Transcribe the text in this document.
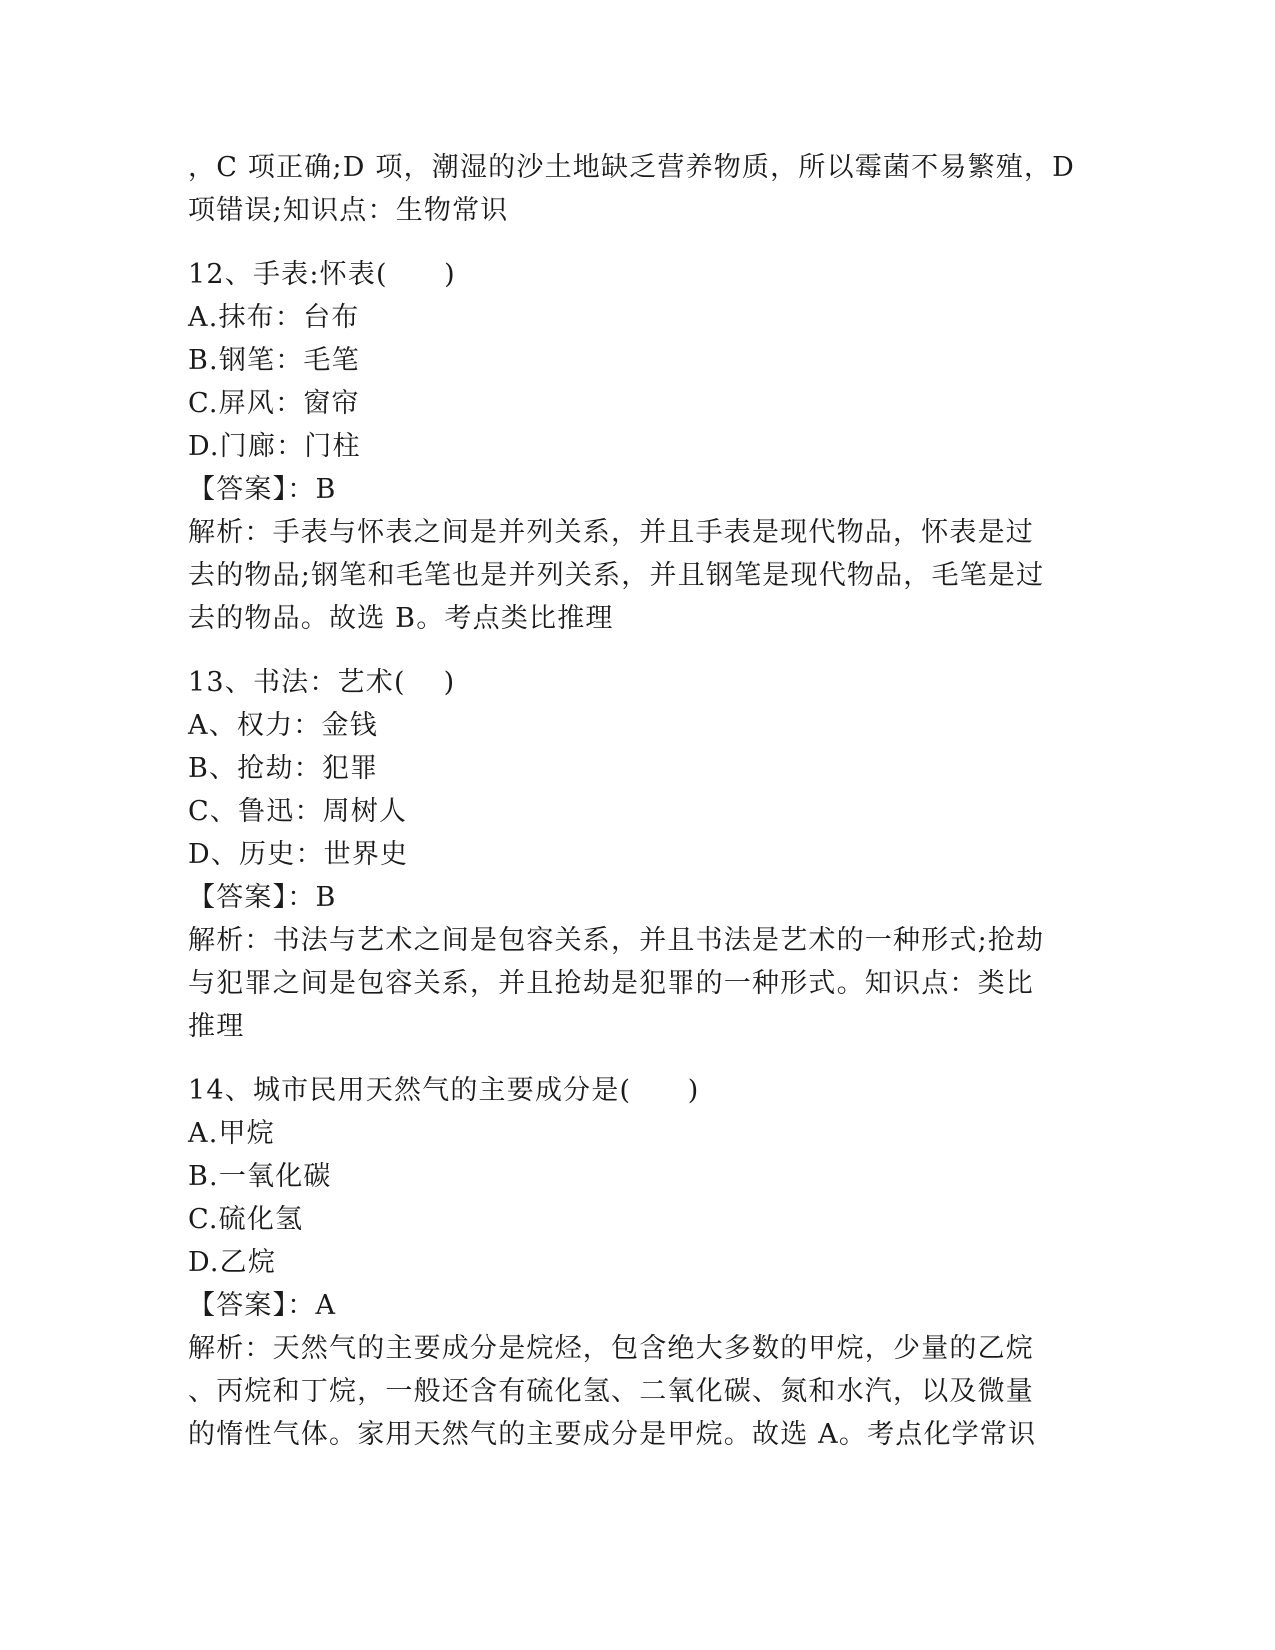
，C 项正确;D 项，潮湿的沙土地缺乏营养物质，所以霉菌不易繁殖，D
项错误;知识点：生物常识
12、手表:怀表(　　)
A.抹布：台布
B.钢笔：毛笔
C.屏风：窗帘
D.门廊：门柱
【答案】：B
解析：手表与怀表之间是并列关系，并且手表是现代物品，怀表是过
去的物品;钢笔和毛笔也是并列关系，并且钢笔是现代物品，毛笔是过
去的物品。故选 B。考点类比推理
13、书法：艺术(　 )
A、权力：金钱
B、抢劫：犯罪
C、鲁迅：周树人
D、历史：世界史
【答案】：B
解析：书法与艺术之间是包容关系，并且书法是艺术的一种形式;抢劫
与犯罪之间是包容关系，并且抢劫是犯罪的一种形式。知识点：类比
推理
14、城市民用天然气的主要成分是(　　)
A.甲烷
B.一氧化碳
C.硫化氢
D.乙烷
【答案】：A
解析：天然气的主要成分是烷烃，包含绝大多数的甲烷，少量的乙烷
、丙烷和丁烷，一般还含有硫化氢、二氧化碳、氮和水汽，以及微量
的惰性气体。家用天然气的主要成分是甲烷。故选 A。考点化学常识
